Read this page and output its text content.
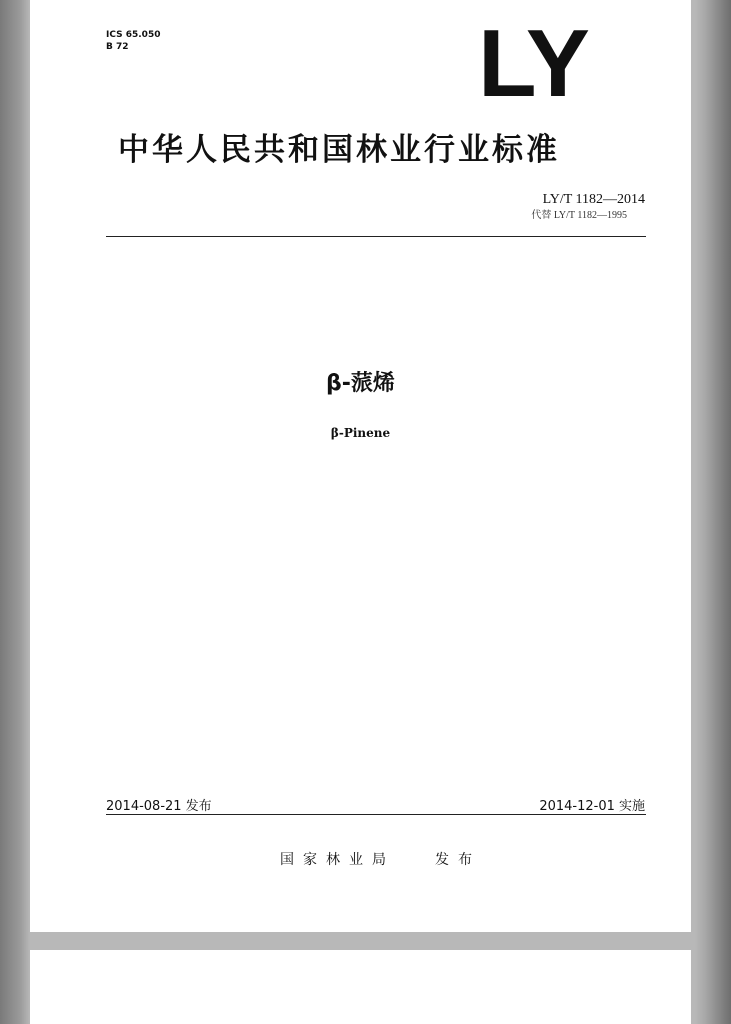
ICS 65.050

B 72	LY
中华人民共和国林业行业标准

LY/T 1182—2014

代替 LY/T 1182—1995

β-蒎烯

β-Pinene

2014-08-21 发布	2014-12-01 实施

国家林业局	发布
